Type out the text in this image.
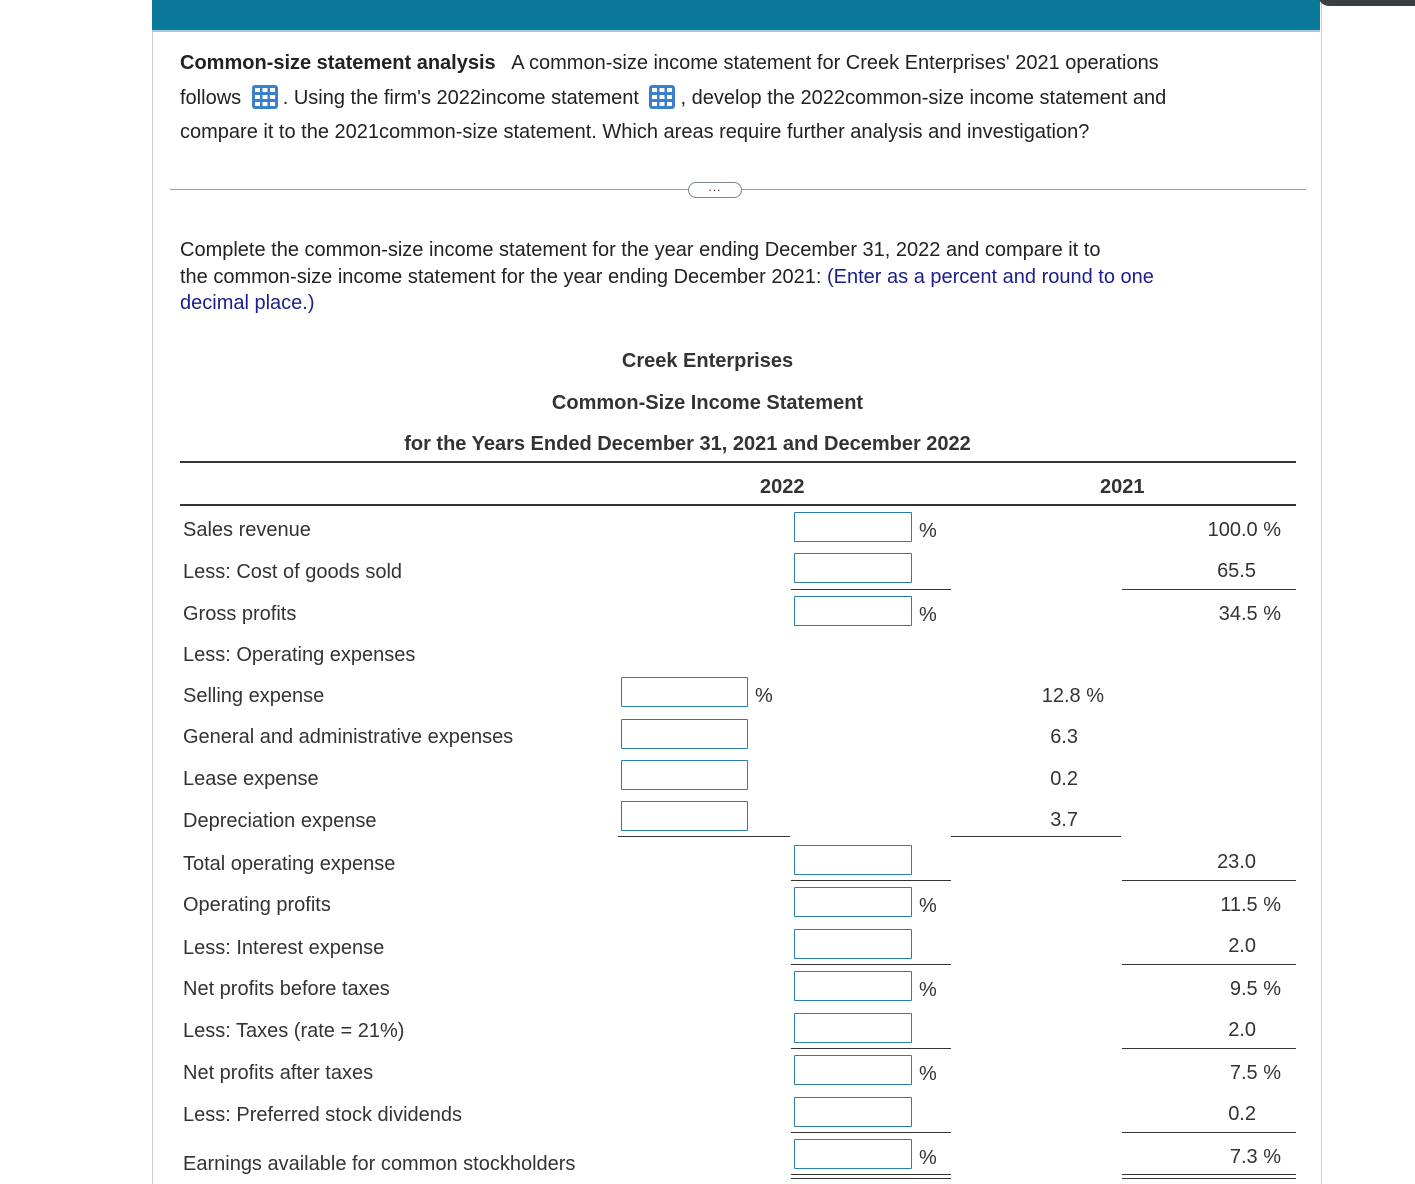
Common-size statement analysis A common-size income statement for Creek Enterprises' 2021 operations
follows . Using the firm's 2022income statement , develop the 2022common-size income statement and
compare it to the 2021common-size statement. Which areas require further analysis and investigation?
...
Complete the common-size income statement for the year ending December 31, 2022 and compare it to
the common-size income statement for the year ending December 2021: (Enter as a percent and round to one
decimal place.)
Creek Enterprises
Common-Size Income Statement
for the Years Ended December 31, 2021 and December 2022
2022	2021
Sales revenue
Less: Cost of goods sold
Gross profits
Less: Operating expenses
Selling expense
General and administrative expenses
Lease expense
Depreciation expense
Total operating expense
Operating profits
Less: Interest expense
Net profits before taxes
Less: Taxes (rate = 21%)
Net profits after taxes
Less: Preferred stock dividends
Earnings available for common stockholders
%
%
%
%
%
%
%
12.8 %
6.3
0.2
3.7
100.0 %
65.5
34.5 %
23.0
11.5 %
2.0
9.5 %
2.0
7.5 %
0.2
7.3 %
